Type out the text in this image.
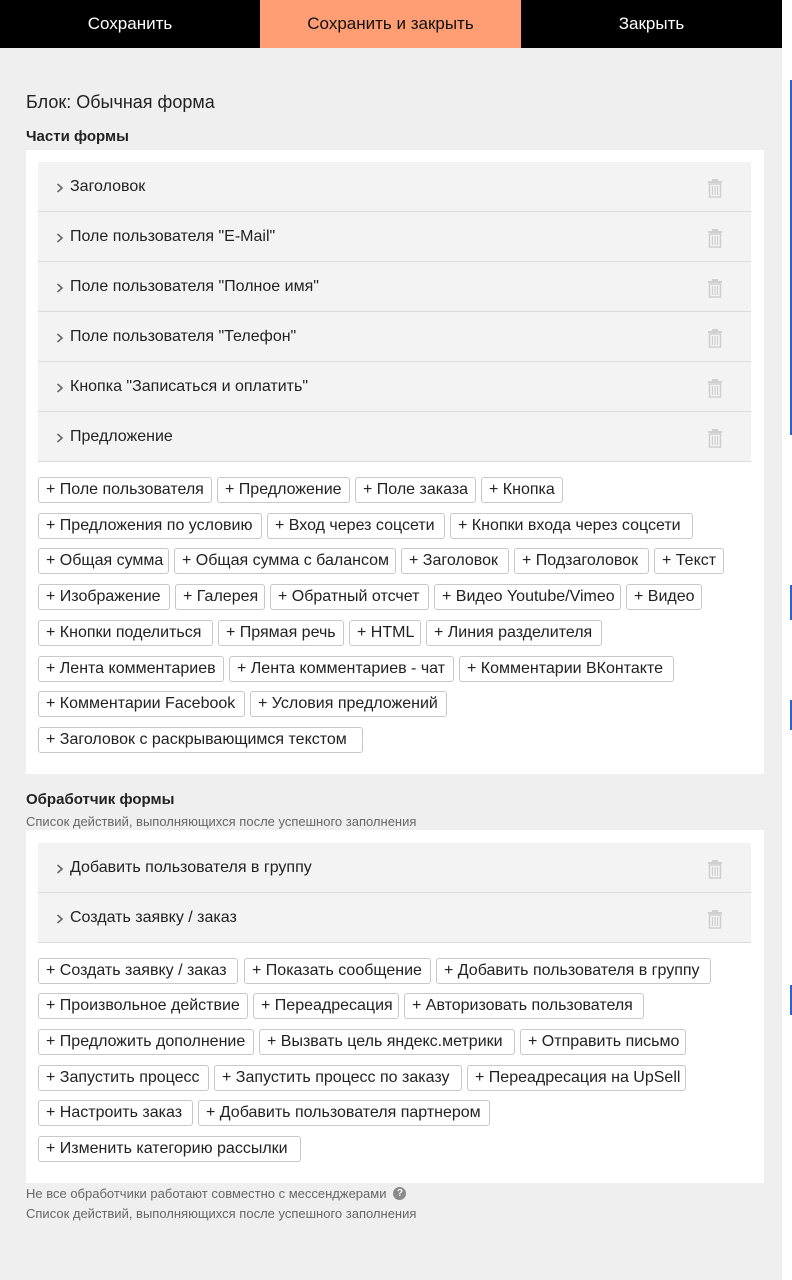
Сохранить	Сохранить и закрыть	Закрыть
Блок: Обычная форма
Части формы
Заголовок
Поле пользователя "E-Mail"
Поле пользователя "Полное имя"
Поле пользователя "Телефон"
Кнопка "Записаться и оплатить"
Предложение
+ Поле пользователя	+ Предложение	+ Поле заказа	+ Кнопка
+ Предложения по условию	+ Вход через соцсети	+ Кнопки входа через соцсети
+ Общая сумма	+ Общая сумма с балансом	+ Заголовок	+ Подзаголовок	+ Текст
+ Изображение	+ Галерея	+ Обратный отсчет	+ Видео Youtube/Vimeo	+ Видео
+ Кнопки поделиться	+ Прямая речь	+ HTML	+ Линия разделителя
+ Лента комментариев	+ Лента комментариев - чат	+ Комментарии ВКонтакте
+ Комментарии Facebook	+ Условия предложений
+ Заголовок с раскрывающимся текстом
Обработчик формы
Список действий, выполняющихся после успешного заполнения
Добавить пользователя в группу
Создать заявку / заказ
+ Создать заявку / заказ	+ Показать сообщение	+ Добавить пользователя в группу
+ Произвольное действие	+ Переадресация	+ Авторизовать пользователя
+ Предложить дополнение	+ Вызвать цель яндекс.метрики	+ Отправить письмо
+ Запустить процесс	+ Запустить процесс по заказу	+ Переадресация на UpSell
+ Настроить заказ	+ Добавить пользователя партнером
+ Изменить категорию рассылки
Не все обработчики работают совместно с мессенджерами	?
Список действий, выполняющихся после успешного заполнения
